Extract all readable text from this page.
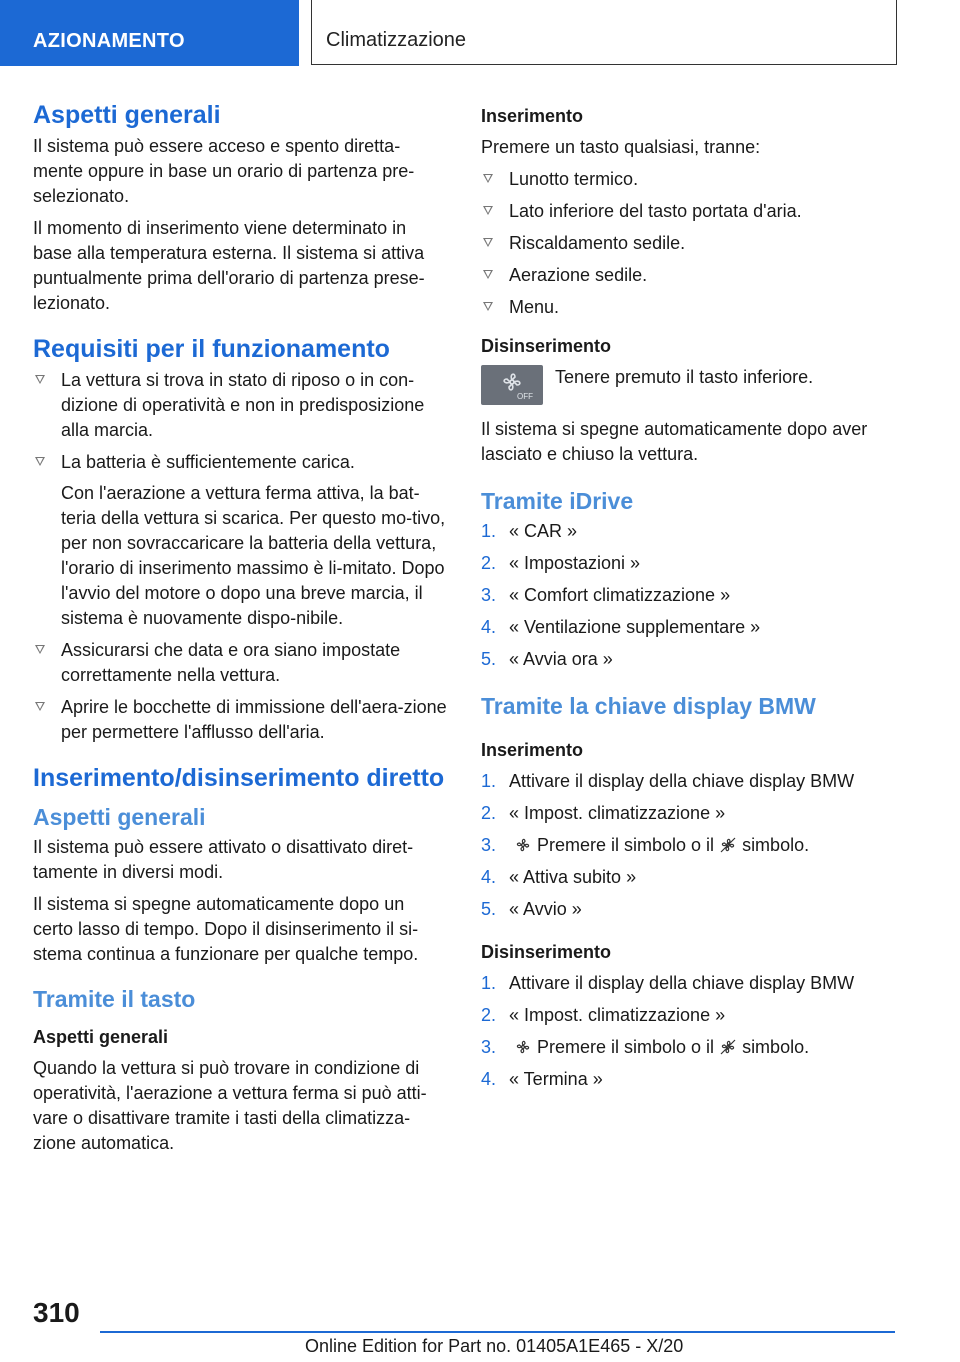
AZIONAMENTO	Climatizzazione
Aspetti generali

Il sistema può essere acceso e spento diretta-mente oppure in base un orario di partenza pre-selezionato.

Il momento di inserimento viene determinato in base alla temperatura esterna. Il sistema si attiva puntualmente prima dell'orario di partenza prese-lezionato.

Requisiti per il funzionamento
La vettura si trova in stato di riposo o in con-dizione di operatività e non in predisposizione alla marcia.
La batteria è sufficientemente carica.
Con l'aerazione a vettura ferma attiva, la bat-teria della vettura si scarica. Per questo mo-tivo, per non sovraccaricare la batteria della vettura, l'orario di inserimento massimo è li-mitato. Dopo l'avvio del motore o dopo una breve marcia, il sistema è nuovamente dispo-nibile.
Assicurarsi che data e ora siano impostate correttamente nella vettura.
Aprire le bocchette di immissione dell'aera-zione per permettere l'afflusso dell'aria.
Inserimento/disinserimento diretto
Aspetti generali

Il sistema può essere attivato o disattivato diret-tamente in diversi modi.

Il sistema si spegne automaticamente dopo un certo lasso di tempo. Dopo il disinserimento il si-stema continua a funzionare per qualche tempo.

Tramite il tasto
Aspetti generali

Quando la vettura si può trovare in condizione di operatività, l'aerazione a vettura ferma si può atti-vare o disattivare tramite i tasti della climatizza-zione automatica.

Inserimento

Premere un tasto qualsiasi, tranne:

Lunotto termico.
Lato inferiore del tasto portata d'aria.
Riscaldamento sedile.
Aerazione sedile.
Menu.
Disinserimento
OFF
Tenere premuto il tasto inferiore.

Il sistema si spegne automaticamente dopo aver lasciato e chiuso la vettura.

Tramite iDrive
1. « CAR »
2. « Impostazioni »
3. « Comfort climatizzazione »
4. « Ventilazione supplementare »
5. « Avvia ora »
Tramite la chiave display BMW
Inserimento
1. Attivare il display della chiave display BMW
2. « Impost. climatizzazione »
3. Premere il simbolo o il simbolo.
4. « Attiva subito »
5. « Avvio »
Disinserimento
1. Attivare il display della chiave display BMW
2. « Impost. climatizzazione »
3. Premere il simbolo o il simbolo.
4. « Termina »
310
Online Edition for Part no. 01405A1E465 - X/20
